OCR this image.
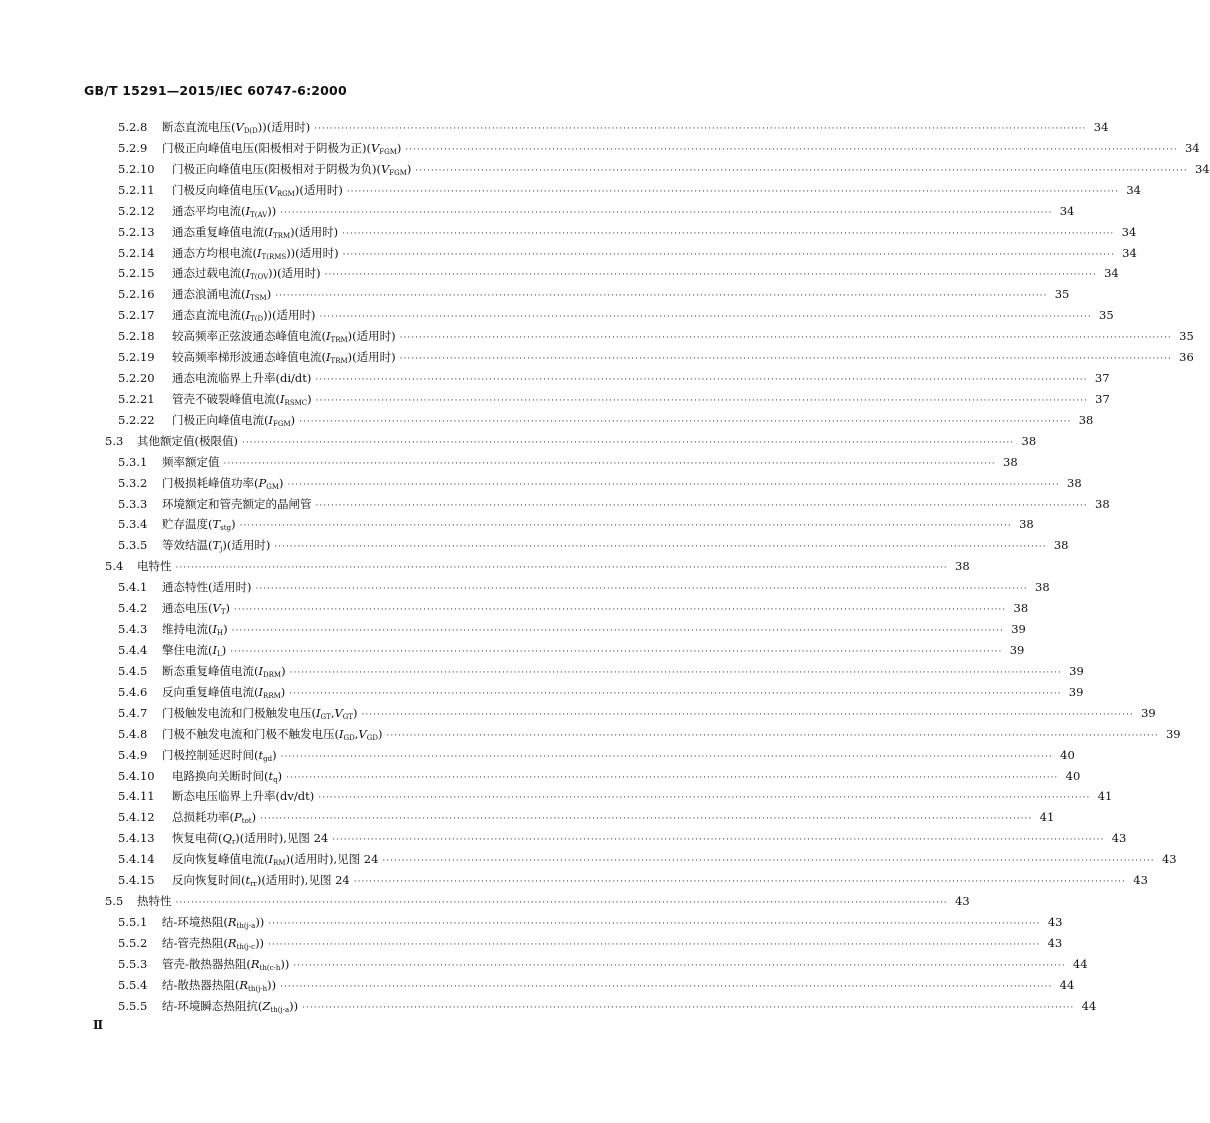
GB/T 15291—2015/IEC 60747-6:2000
5.2.8	断态直流电压$(V_{D(D})$)(适用时) ········································································································································································································ 34
5.2.9	门极正向峰值电压(阳极相对于阴极为正)$(V_{FGM})$ ········································································································································································································ 34
5.2.10	门极正向峰值电压(阳极相对于阴极为负)$(V_{FGM})$ ········································································································································································································ 34
5.2.11	门极反向峰值电压$(V_{RGM})$(适用时) ········································································································································································································ 34
5.2.12	通态平均电流$(I_{T(AV})$) ········································································································································································································ 34
5.2.13	通态重复峰值电流$(I_{TRM})$(适用时) ········································································································································································································ 34
5.2.14	通态方均根电流$(I_{T(RMS})$)(适用时) ········································································································································································································ 34
5.2.15	通态过载电流$(I_{T(OV})$)(适用时) ········································································································································································································ 34
5.2.16	通态浪涌电流$(I_{TSM})$ ········································································································································································································ 35
5.2.17	通态直流电流$(I_{T(D})$)(适用时) ········································································································································································································ 35
5.2.18	较高频率正弦波通态峰值电流$(I_{TRM})$(适用时) ········································································································································································································ 35
5.2.19	较高频率梯形波通态峰值电流$(I_{TRM})$(适用时) ········································································································································································································ 36
5.2.20	通态电流临界上升率(di/dt) ········································································································································································································ 37
5.2.21	管壳不破裂峰值电流$(I_{RSMC})$ ········································································································································································································ 37
5.2.22	门极正向峰值电流$(I_{FGM})$ ········································································································································································································ 38
5.3	其他额定值(极限值) ········································································································································································································ 38
5.3.1	频率额定值 ········································································································································································································ 38
5.3.2	门极损耗峰值功率$(P_{GM})$ ········································································································································································································ 38
5.3.3	环境额定和管壳额定的晶闸管 ········································································································································································································ 38
5.3.4	贮存温度$(T_{stg})$ ········································································································································································································ 38
5.3.5	等效结温$(T_j)$(适用时) ········································································································································································································ 38
5.4	电特性 ········································································································································································································ 38
5.4.1	通态特性(适用时) ········································································································································································································ 38
5.4.2	通态电压$(V_T)$ ········································································································································································································ 38
5.4.3	维持电流$(I_H)$ ········································································································································································································ 39
5.4.4	擎住电流$(I_L)$ ········································································································································································································ 39
5.4.5	断态重复峰值电流$(I_{DRM})$ ········································································································································································································ 39
5.4.6	反向重复峰值电流$(I_{RRM})$ ········································································································································································································ 39
5.4.7	门极触发电流和门极触发电压$(I_{GT},V_{GT})$ ········································································································································································································ 39
5.4.8	门极不触发电流和门极不触发电压$(I_{GD},V_{GD})$ ········································································································································································································ 39
5.4.9	门极控制延迟时间$(t_{gd})$ ········································································································································································································ 40
5.4.10	电路换向关断时间$(t_q)$ ········································································································································································································ 40
5.4.11	断态电压临界上升率(dv/dt) ········································································································································································································ 41
5.4.12	总损耗功率$(P_{tot})$ ········································································································································································································ 41
5.4.13	恢复电荷$(Q_r)$(适用时),见图 24 ········································································································································································································ 43
5.4.14	反向恢复峰值电流$(I_{RM})$(适用时),见图 24 ········································································································································································································ 43
5.4.15	反向恢复时间$(t_{rr})$(适用时),见图 24 ········································································································································································································ 43
5.5	热特性 ········································································································································································································ 43
5.5.1	结-环境热阻$(R_{th(j-a})$) ········································································································································································································ 43
5.5.2	结-管壳热阻$(R_{th(j-c})$) ········································································································································································································ 43
5.5.3	管壳-散热器热阻$(R_{th(c-h})$) ········································································································································································································ 44
5.5.4	结-散热器热阻$(R_{th(j-h})$) ········································································································································································································ 44
5.5.5	结-环境瞬态热阻抗$(Z_{th(j-a})$) ········································································································································································································ 44
Ⅱ
